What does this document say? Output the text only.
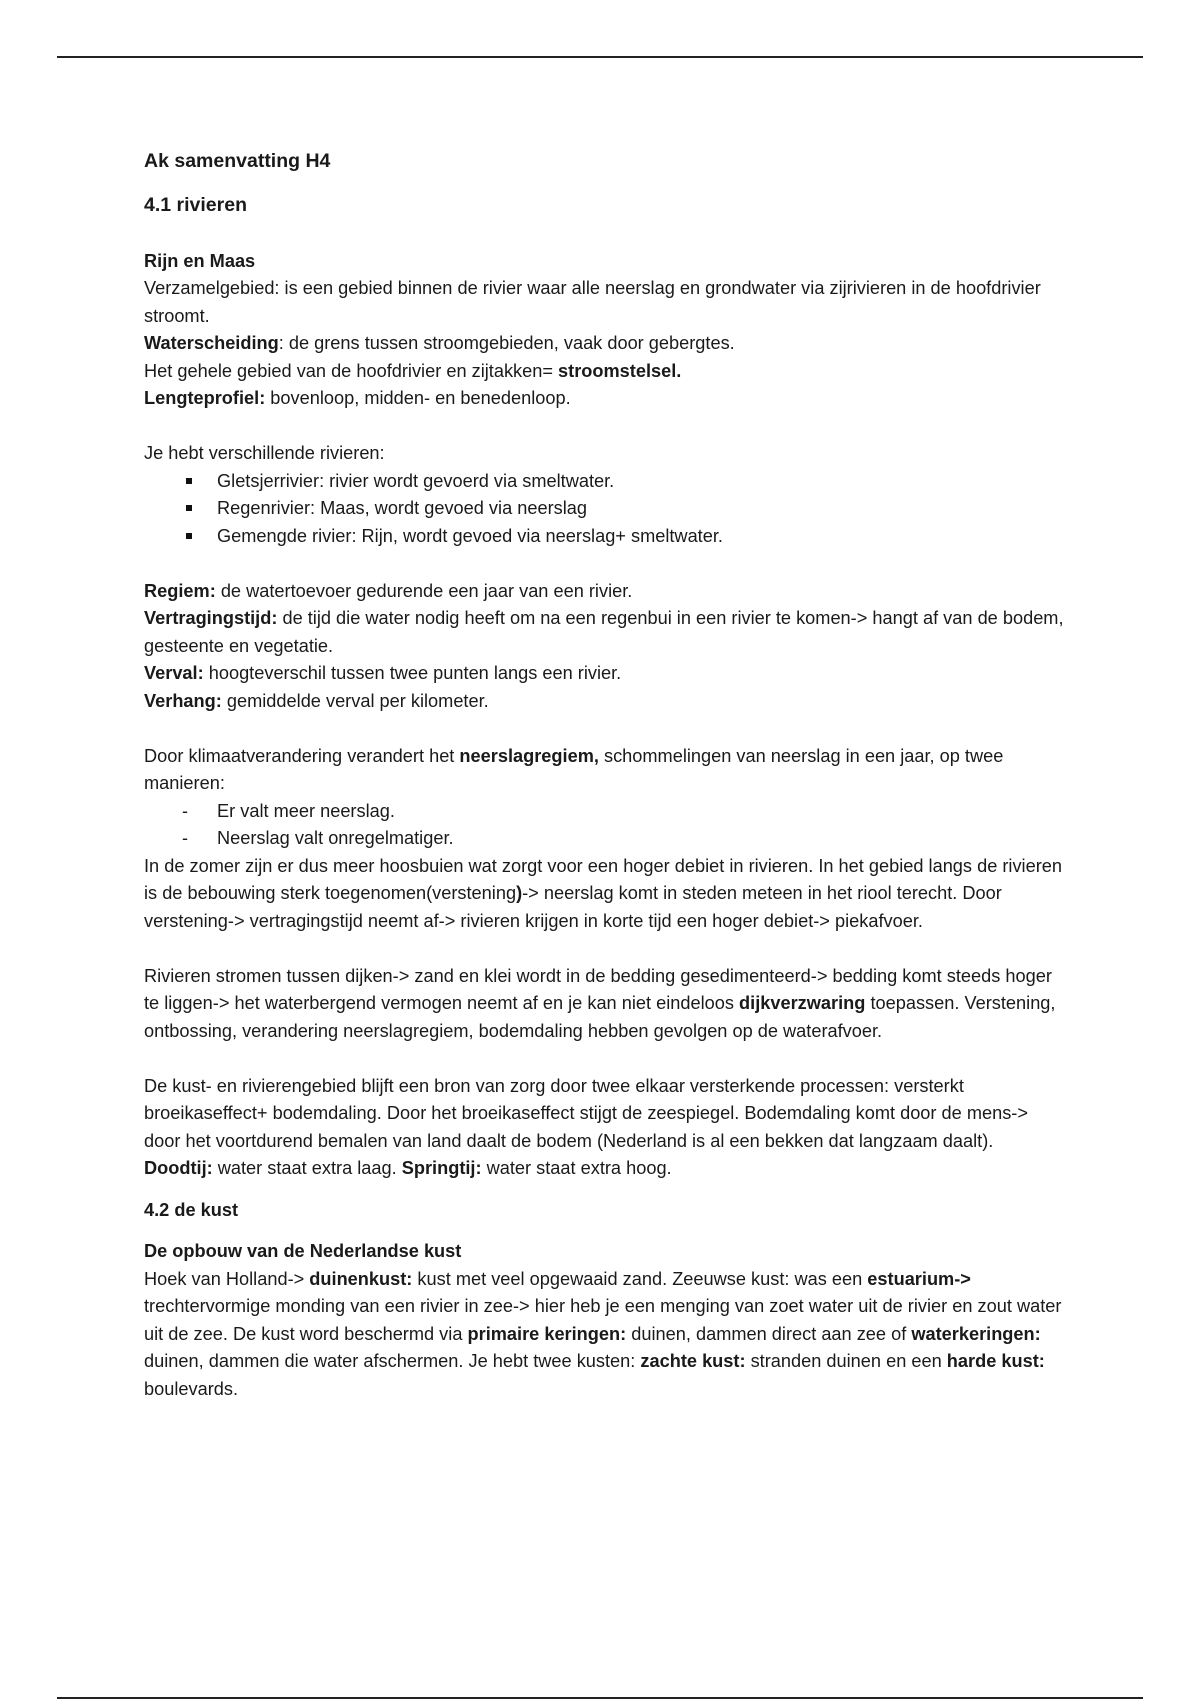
Ak samenvatting H4

4.1 rivieren

Rijn en Maas

Verzamelgebied: is een gebied binnen de rivier waar alle neerslag en grondwater via zijrivieren in de hoofdrivier stroomt.

Waterscheiding: de grens tussen stroomgebieden, vaak door gebergtes.

Het gehele gebied van de hoofdrivier en zijtakken= stroomstelsel.

Lengteprofiel: bovenloop, midden- en benedenloop.

Je hebt verschillende rivieren:

Gletsjerrivier: rivier wordt gevoerd via smeltwater.
Regenrivier: Maas, wordt gevoed via neerslag
Gemengde rivier: Rijn, wordt gevoed via neerslag+ smeltwater.

Regiem: de watertoevoer gedurende een jaar van een rivier.

Vertragingstijd: de tijd die water nodig heeft om na een regenbui in een rivier te komen-> hangt af van de bodem, gesteente en vegetatie.

Verval: hoogteverschil tussen twee punten langs een rivier.

Verhang: gemiddelde verval per kilometer.

Door klimaatverandering verandert het neerslagregiem, schommelingen van neerslag in een jaar, op twee manieren:

- Er valt meer neerslag.
- Neerslag valt onregelmatiger.

In de zomer zijn er dus meer hoosbuien wat zorgt voor een hoger debiet in rivieren. In het gebied langs de rivieren is de bebouwing sterk toegenomen(verstening)-> neerslag komt in steden meteen in het riool terecht. Door verstening-> vertragingstijd neemt af-> rivieren krijgen in korte tijd een hoger debiet-> piekafvoer.

Rivieren stromen tussen dijken-> zand en klei wordt in de bedding gesedimenteerd-> bedding komt steeds hoger te liggen-> het waterbergend vermogen neemt af en je kan niet eindeloos dijkverzwaring toepassen. Verstening, ontbossing, verandering neerslagregiem, bodemdaling hebben gevolgen op de waterafvoer.

De kust- en rivierengebied blijft een bron van zorg door twee elkaar versterkende processen: versterkt broeikaseffect+ bodemdaling. Door het broeikaseffect stijgt de zeespiegel. Bodemdaling komt door de mens-> door het voortdurend bemalen van land daalt de bodem (Nederland is al een bekken dat langzaam daalt). Doodtij: water staat extra laag. Springtij: water staat extra hoog.

4.2 de kust

De opbouw van de Nederlandse kust

Hoek van Holland-> duinenkust: kust met veel opgewaaid zand. Zeeuwse kust: was een estuarium-> trechtervormige monding van een rivier in zee-> hier heb je een menging van zoet water uit de rivier en zout water uit de zee. De kust word beschermd via primaire keringen: duinen, dammen direct aan zee of waterkeringen: duinen, dammen die water afschermen. Je hebt twee kusten: zachte kust: stranden duinen en een harde kust: boulevards.
